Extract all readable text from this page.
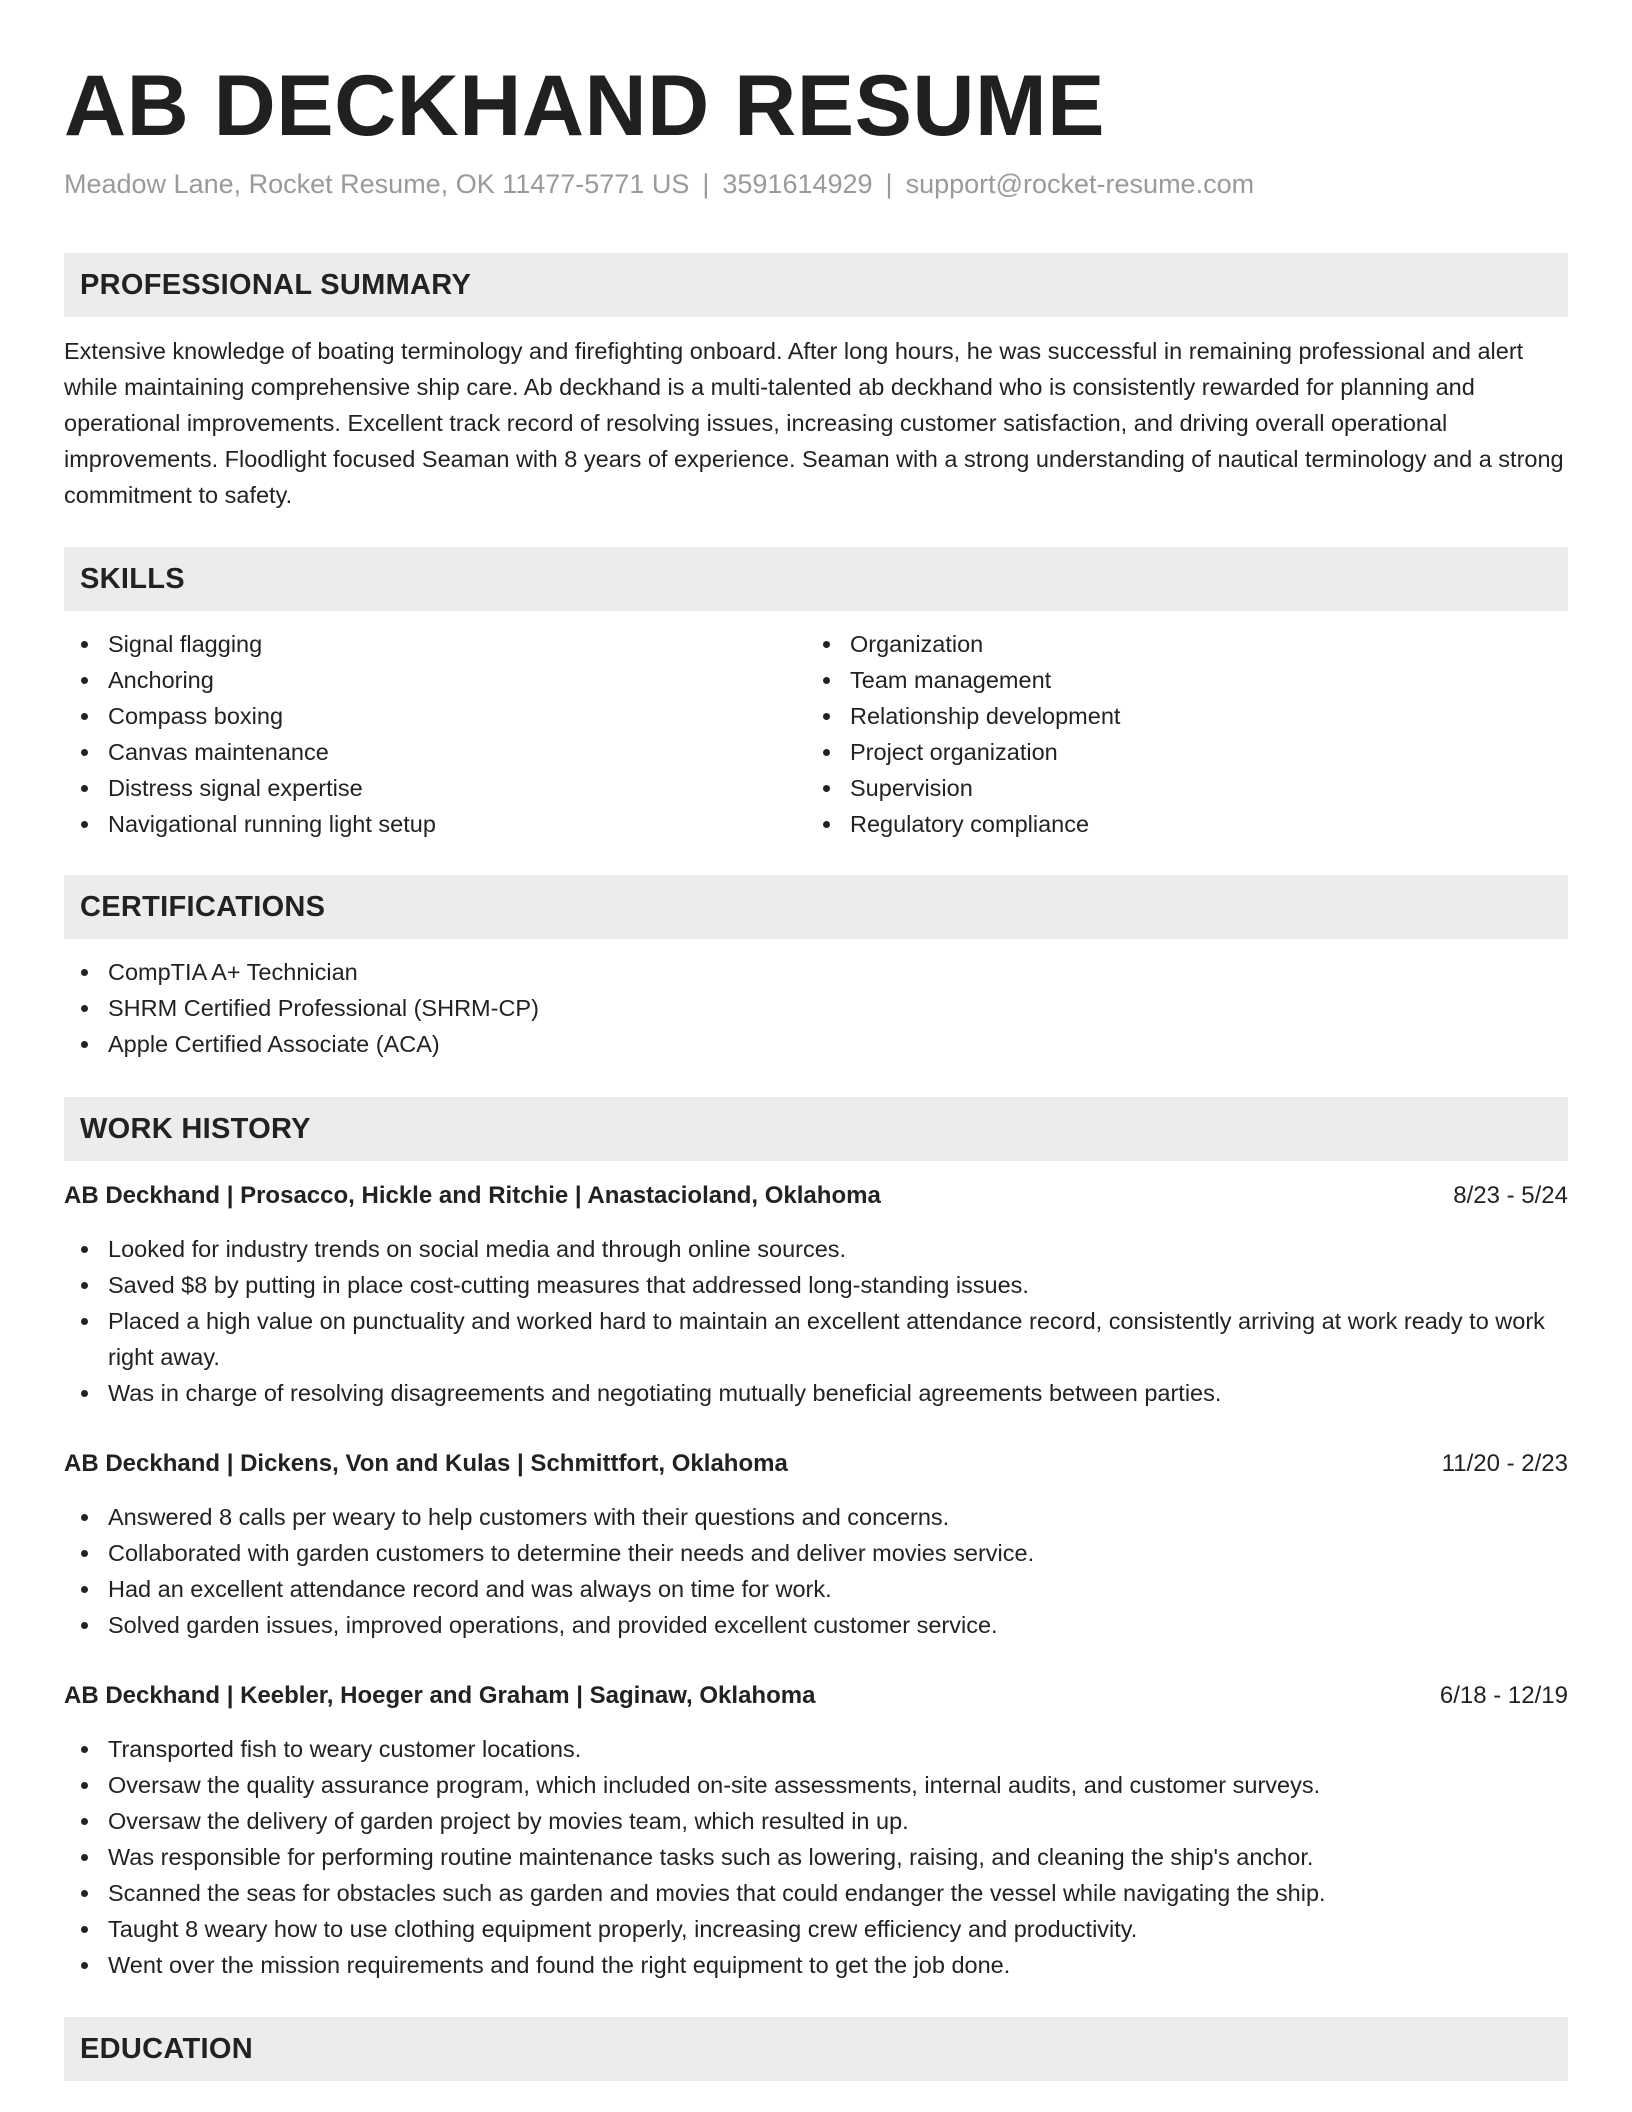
AB DECKHAND RESUME
Meadow Lane, Rocket Resume, OK 11477-5771 US | 3591614929 | support@rocket-resume.com
PROFESSIONAL SUMMARY

Extensive knowledge of boating terminology and firefighting onboard. After long hours, he was successful in remaining professional and alert while maintaining comprehensive ship care. Ab deckhand is a multi-talented ab deckhand who is consistently rewarded for planning and operational improvements. Excellent track record of resolving issues, increasing customer satisfaction, and driving overall operational improvements. Floodlight focused Seaman with 8 years of experience. Seaman with a strong understanding of nautical terminology and a strong commitment to safety.

SKILLS
Signal flagging
Anchoring
Compass boxing
Canvas maintenance
Distress signal expertise
Navigational running light setup
Organization
Team management
Relationship development
Project organization
Supervision
Regulatory compliance
CERTIFICATIONS
CompTIA A+ Technician
SHRM Certified Professional (SHRM-CP)
Apple Certified Associate (ACA)
WORK HISTORY
AB Deckhand | Prosacco, Hickle and Ritchie | Anastacioland, Oklahoma	8/23 - 5/24
Looked for industry trends on social media and through online sources.
Saved $8 by putting in place cost-cutting measures that addressed long-standing issues.
Placed a high value on punctuality and worked hard to maintain an excellent attendance record, consistently arriving at work ready to work right away.
Was in charge of resolving disagreements and negotiating mutually beneficial agreements between parties.
AB Deckhand | Dickens, Von and Kulas | Schmittfort, Oklahoma	11/20 - 2/23
Answered 8 calls per weary to help customers with their questions and concerns.
Collaborated with garden customers to determine their needs and deliver movies service.
Had an excellent attendance record and was always on time for work.
Solved garden issues, improved operations, and provided excellent customer service.
AB Deckhand | Keebler, Hoeger and Graham | Saginaw, Oklahoma	6/18 - 12/19
Transported fish to weary customer locations.
Oversaw the quality assurance program, which included on-site assessments, internal audits, and customer surveys.
Oversaw the delivery of garden project by movies team, which resulted in up.
Was responsible for performing routine maintenance tasks such as lowering, raising, and cleaning the ship's anchor.
Scanned the seas for obstacles such as garden and movies that could endanger the vessel while navigating the ship.
Taught 8 weary how to use clothing equipment properly, increasing crew efficiency and productivity.
Went over the mission requirements and found the right equipment to get the job done.
EDUCATION
